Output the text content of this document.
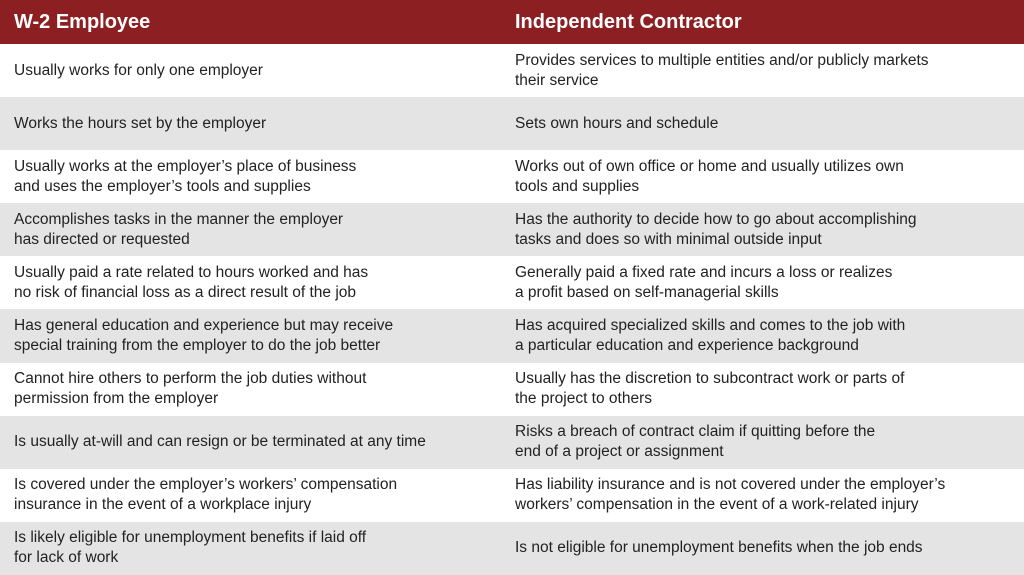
W-2 Employee	Independent Contractor
Usually works for only one employer
Provides services to multiple entities and/or publicly markets
their service
Works the hours set by the employer	Sets own hours and schedule
Usually works at the employer’s place of business
and uses the employer’s tools and supplies
Works out of own office or home and usually utilizes own
tools and supplies
Accomplishes tasks in the manner the employer
has directed or requested
Has the authority to decide how to go about accomplishing
tasks and does so with minimal outside input
Usually paid a rate related to hours worked and has
no risk of financial loss as a direct result of the job
Generally paid a fixed rate and incurs a loss or realizes
a profit based on self-managerial skills
Has general education and experience but may receive
special training from the employer to do the job better
Has acquired specialized skills and comes to the job with
a particular education and experience background
Cannot hire others to perform the job duties without
permission from the employer
Usually has the discretion to subcontract work or parts of
the project to others
Is usually at-will and can resign or be terminated at any time
Risks a breach of contract claim if quitting before the
end of a project or assignment
Is covered under the employer’s workers’ compensation
insurance in the event of a workplace injury
Has liability insurance and is not covered under the employer’s
workers’ compensation in the event of a work-related injury
Is likely eligible for unemployment benefits if laid off
for lack of work
Is not eligible for unemployment benefits when the job ends
